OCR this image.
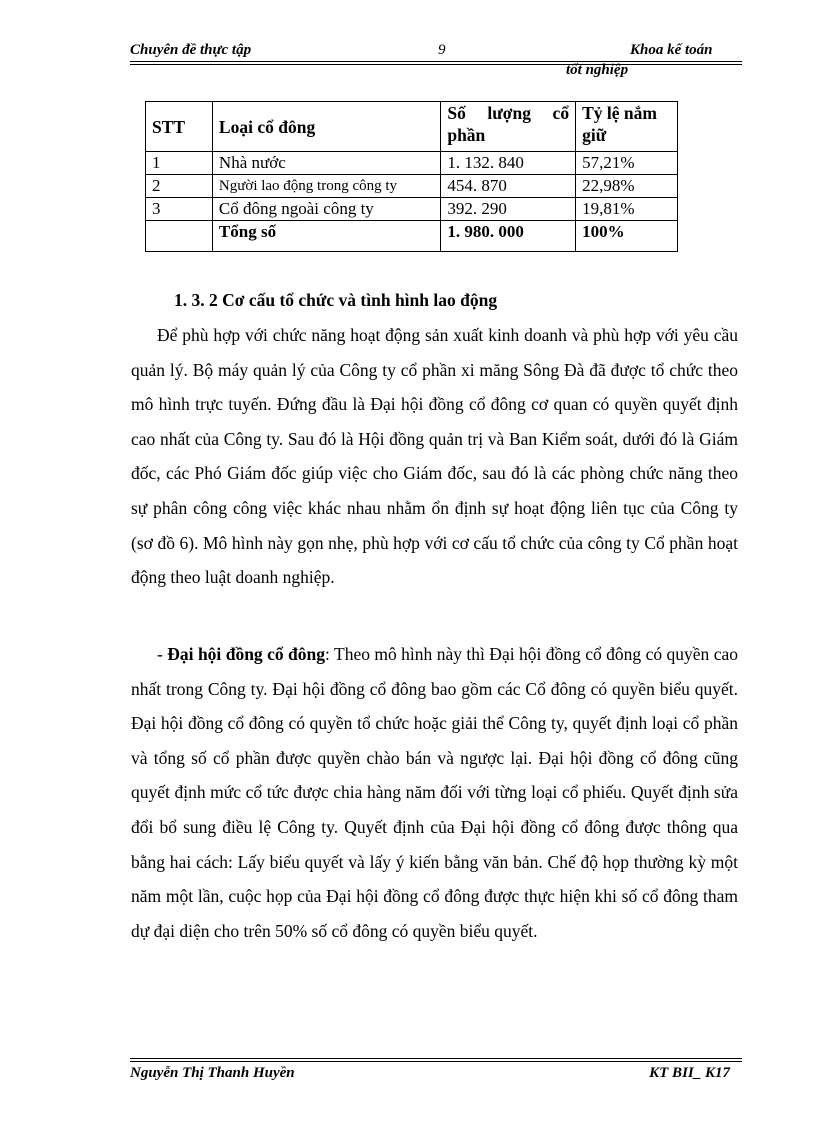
Chuyên đề thực tập	9	Khoa kế toán
tốt nghiệp
STT	Loại cổ đông	Số lượng cổ phần	Tỷ lệ nắm giữ
1	Nhà nước	1. 132. 840	57,21%
2	Người lao động trong công ty	454. 870	22,98%
3	Cổ đông ngoài công ty	392. 290	19,81%
	Tổng số	1. 980. 000	100%
1. 3. 2 Cơ cấu tổ chức và tình hình lao động

Để phù hợp với chức năng hoạt động sản xuất kinh doanh và phù hợp với yêu cầu quản lý. Bộ máy quản lý của Công ty cổ phần xi măng Sông Đà đã được tổ chức theo mô hình trực tuyến. Đứng đầu là Đại hội đồng cổ đông cơ quan có quyền quyết định cao nhất của Công ty. Sau đó là Hội đồng quản trị và Ban Kiểm soát, dưới đó là Giám đốc, các Phó Giám đốc giúp việc cho Giám đốc, sau đó là các phòng chức năng theo sự phân công công việc khác nhau nhằm ổn định sự hoạt động liên tục của Công ty (sơ đồ 6). Mô hình này gọn nhẹ, phù hợp với cơ cấu tổ chức của công ty Cổ phần hoạt động theo luật doanh nghiệp.

- Đại hội đồng cổ đông: Theo mô hình này thì Đại hội đồng cổ đông có quyền cao nhất trong Công ty. Đại hội đồng cổ đông bao gồm các Cổ đông có quyền biểu quyết. Đại hội đồng cổ đông có quyền tổ chức hoặc giải thể Công ty, quyết định loại cổ phần và tổng số cổ phần được quyền chào bán và ngược lại. Đại hội đồng cổ đông cũng quyết định mức cổ tức được chia hàng năm đối với từng loại cổ phiếu. Quyết định sửa đổi bổ sung điều lệ Công ty. Quyết định của Đại hội đồng cổ đông được thông qua bằng hai cách: Lấy biểu quyết và lấy ý kiến bằng văn bản. Chế độ họp thường kỳ một năm một lần, cuộc họp của Đại hội đồng cổ đông được thực hiện khi số cổ đông tham dự đại diện cho trên 50% số cổ đông có quyền biểu quyết.

Nguyễn Thị Thanh Huyền	KT BII_ K17
